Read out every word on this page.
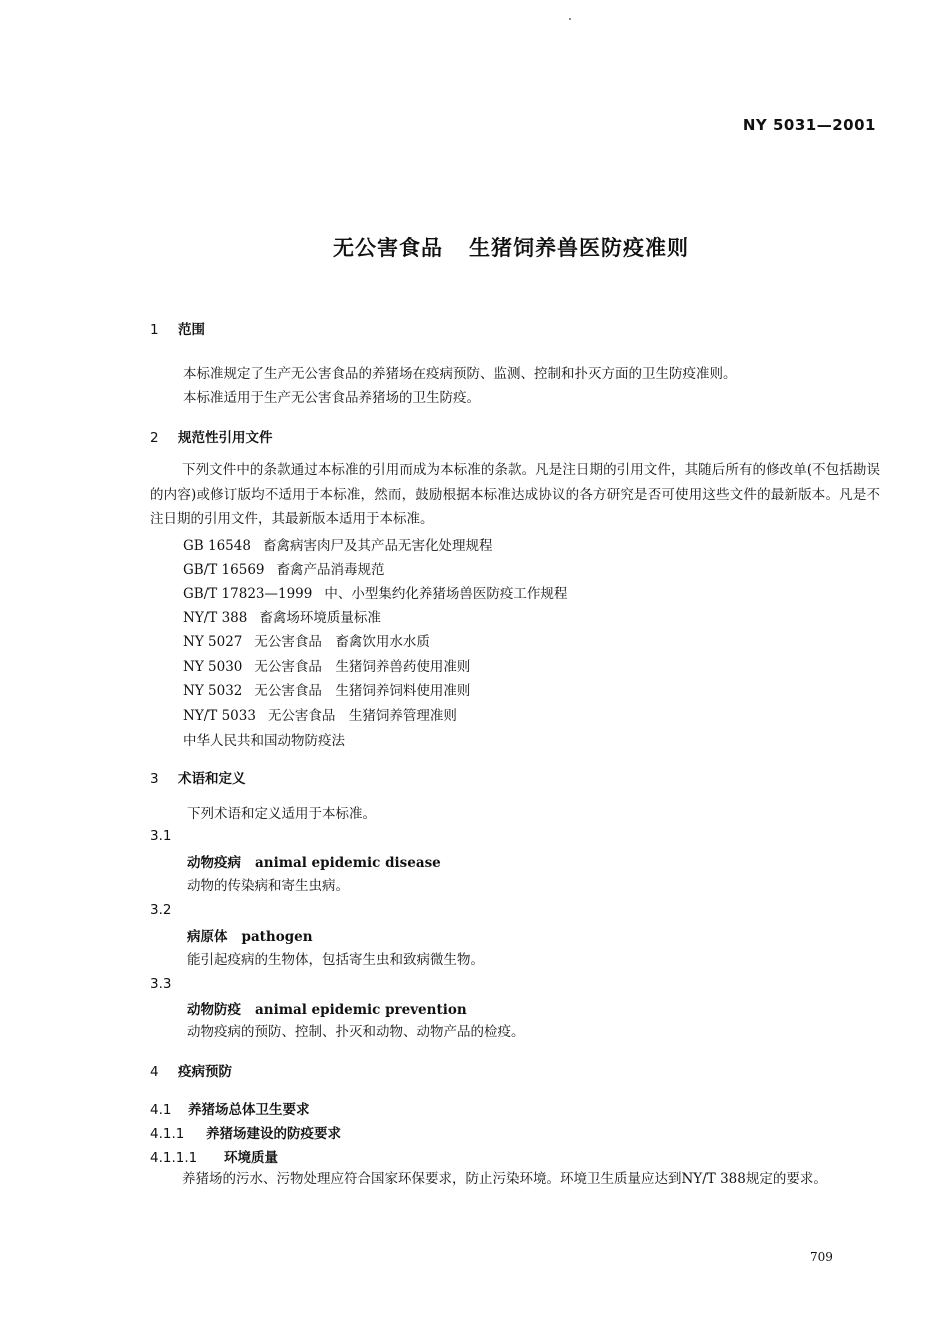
NY 5031—2001
无公害食品 生猪饲养兽医防疫准则
1 范围
本标准规定了生产无公害食品的养猪场在疫病预防、监测、控制和扑灭方面的卫生防疫准则。
本标准适用于生产无公害食品养猪场的卫生防疫。
2 规范性引用文件
下列文件中的条款通过本标准的引用而成为本标准的条款。凡是注日期的引用文件，其随后所有的修改单(不包括勘误的内容)或修订版均不适用于本标准，然而，鼓励根据本标准达成协议的各方研究是否可使用这些文件的最新版本。凡是不注日期的引用文件，其最新版本适用于本标准。
GB 16548 畜禽病害肉尸及其产品无害化处理规程
GB/T 16569 畜禽产品消毒规范
GB/T 17823—1999 中、小型集约化养猪场兽医防疫工作规程
NY/T 388 畜禽场环境质量标准
NY 5027 无公害食品　畜禽饮用水水质
NY 5030 无公害食品　生猪饲养兽药使用准则
NY 5032 无公害食品　生猪饲养饲料使用准则
NY/T 5033 无公害食品　生猪饲养管理准则
中华人民共和国动物防疫法
3 术语和定义
下列术语和定义适用于本标准。
3.1
动物疫病 animal epidemic disease
动物的传染病和寄生虫病。
3.2
病原体 pathogen
能引起疫病的生物体，包括寄生虫和致病微生物。
3.3
动物防疫 animal epidemic prevention
动物疫病的预防、控制、扑灭和动物、动物产品的检疫。
4 疫病预防
4.1 养猪场总体卫生要求
4.1.1 养猪场建设的防疫要求
4.1.1.1 环境质量
养猪场的污水、污物处理应符合国家环保要求，防止污染环境。环境卫生质量应达到NY/T 388规定的要求。
709
